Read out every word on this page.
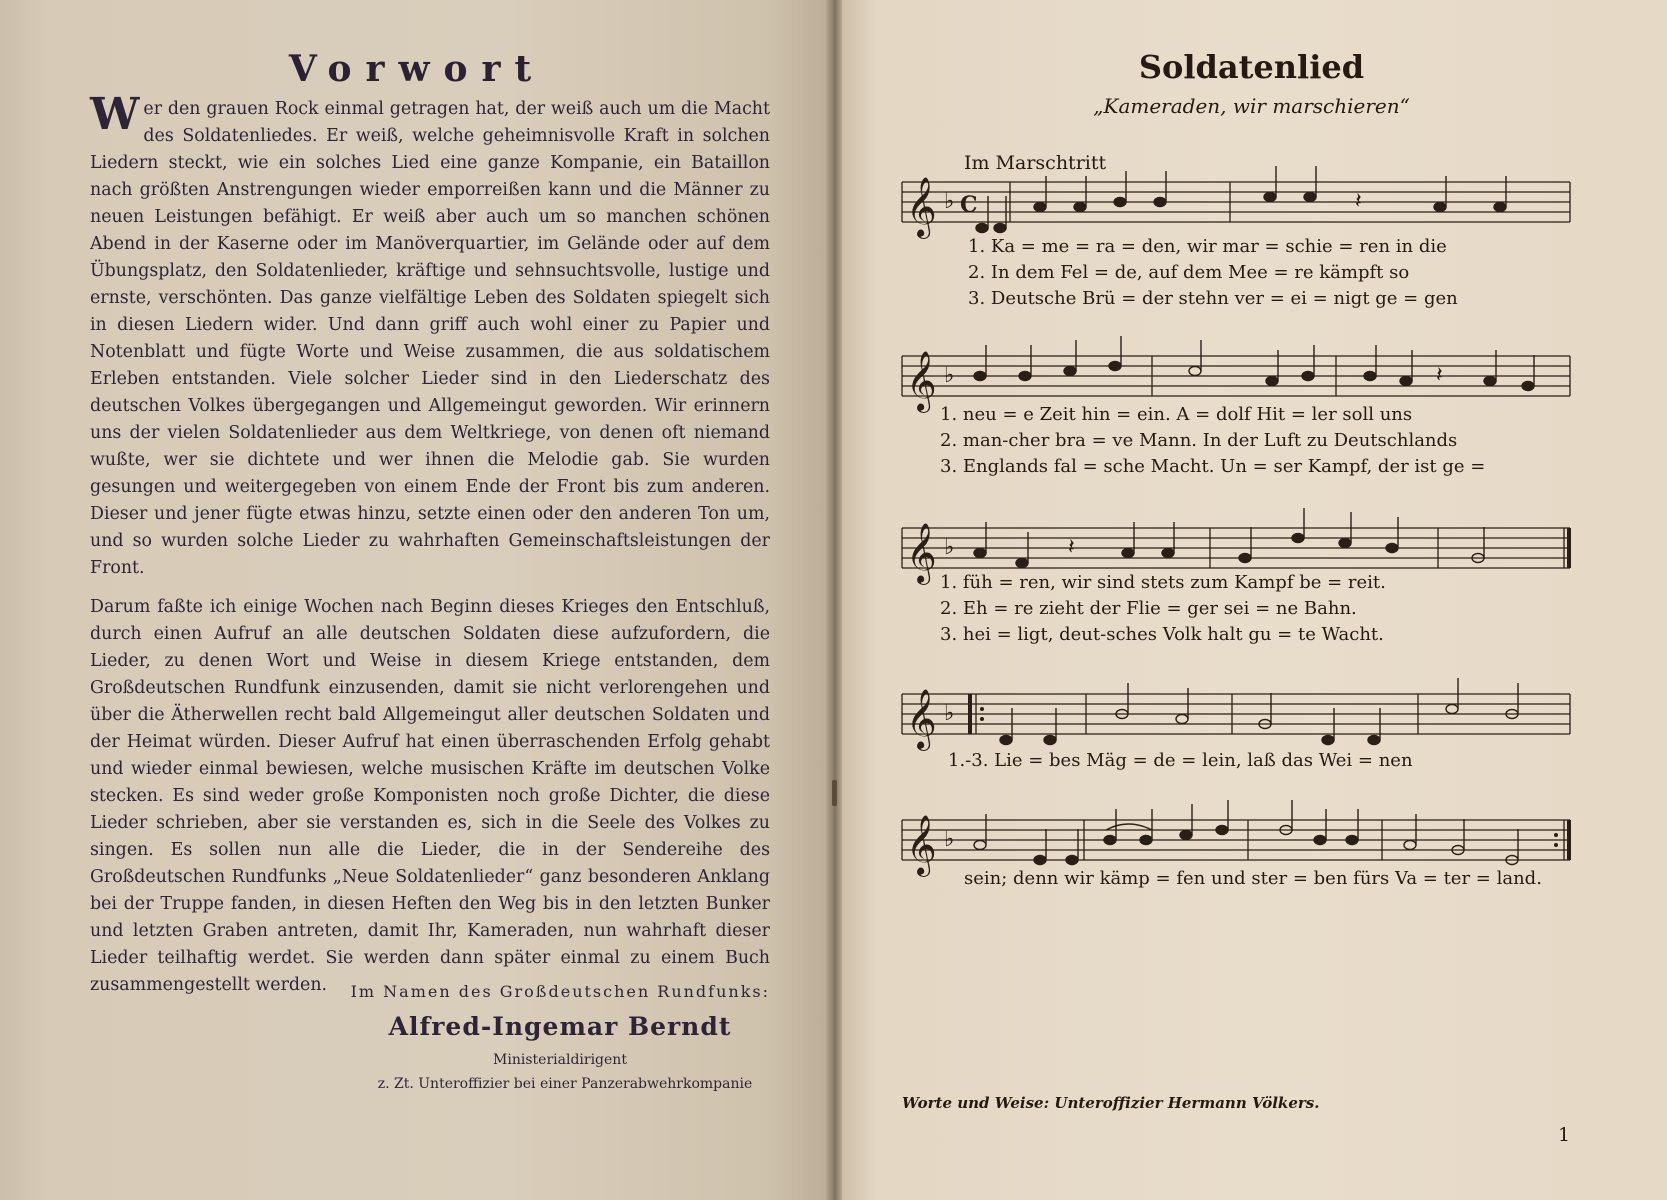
Vorwort

Wer den grauen Rock einmal getragen hat, der weiß auch um die Macht des Soldatenliedes. Er weiß, welche geheimnisvolle Kraft in solchen Liedern steckt, wie ein solches Lied eine ganze Kompanie, ein Bataillon nach größten Anstrengungen wieder emporreißen kann und die Männer zu neuen Leistungen befähigt. Er weiß aber auch um so manchen schönen Abend in der Kaserne oder im Manöverquartier, im Gelände oder auf dem Übungsplatz, den Soldatenlieder, kräftige und sehnsuchtsvolle, lustige und ernste, verschönten. Das ganze vielfältige Leben des Soldaten spiegelt sich in diesen Liedern wider. Und dann griff auch wohl einer zu Papier und Notenblatt und fügte Worte und Weise zusammen, die aus soldatischem Erleben entstanden. Viele solcher Lieder sind in den Liederschatz des deutschen Volkes übergegangen und Allgemeingut geworden. Wir erinnern uns der vielen Soldatenlieder aus dem Weltkriege, von denen oft niemand wußte, wer sie dichtete und wer ihnen die Melodie gab. Sie wurden gesungen und weitergegeben von einem Ende der Front bis zum anderen. Dieser und jener fügte etwas hinzu, setzte einen oder den anderen Ton um, und so wurden solche Lieder zu wahrhaften Gemeinschaftsleistungen der Front.

Darum faßte ich einige Wochen nach Beginn dieses Krieges den Entschluß, durch einen Aufruf an alle deutschen Soldaten diese aufzufordern, die Lieder, zu denen Wort und Weise in diesem Kriege entstanden, dem Großdeutschen Rundfunk einzusenden, damit sie nicht verlorengehen und über die Ätherwellen recht bald Allgemeingut aller deutschen Soldaten und der Heimat würden. Dieser Aufruf hat einen überraschenden Erfolg gehabt und wieder einmal bewiesen, welche musischen Kräfte im deutschen Volke stecken. Es sind weder große Komponisten noch große Dichter, die diese Lieder schrieben, aber sie verstanden es, sich in die Seele des Volkes zu singen. Es sollen nun alle die Lieder, die in der Sendereihe des Großdeutschen Rundfunks „Neue Soldatenlieder“ ganz besonderen Anklang bei der Truppe fanden, in diesen Heften den Weg bis in den letzten Bunker und letzten Graben antreten, damit Ihr, Kameraden, nun wahrhaft dieser Lieder teilhaftig werdet. Sie werden dann später einmal zu einem Buch zusammengestellt werden.	Im Namen des Großdeutschen Rundfunks:
Alfred-Ingemar Berndt
Ministerialdirigent
z. Zt. Unteroffizier bei einer Panzerabwehrkompanie
Soldatenlied
„Kameraden, wir marschieren“
Im Marschtritt
𝄞 ♭ C	𝄽
1. Ka = me = ra = den, wir mar = schie = ren in die
2. In dem Fel = de, auf dem Mee = re kämpft so
3. Deutsche Brü = der stehn ver = ei = nigt ge = gen
𝄞 ♭	𝄽
1. neu = e Zeit hin = ein. A = dolf Hit = ler soll uns
2. man-cher bra = ve Mann. In der Luft zu Deutschlands
3. Englands fal = sche Macht. Un = ser Kampf, der ist ge =
𝄞 ♭	𝄽
1. füh = ren, wir sind stets zum Kampf be = reit.
2. Eh = re zieht der Flie = ger sei = ne Bahn.
3. hei = ligt, deut-sches Volk halt gu = te Wacht.
𝄞 ♭
1.-3. Lie = bes Mäg = de = lein, laß das Wei = nen
𝄞 ♭
sein; denn wir kämp = fen und ster = ben fürs Va = ter = land.
Worte und Weise: Unteroffizier Hermann Völkers.
1
